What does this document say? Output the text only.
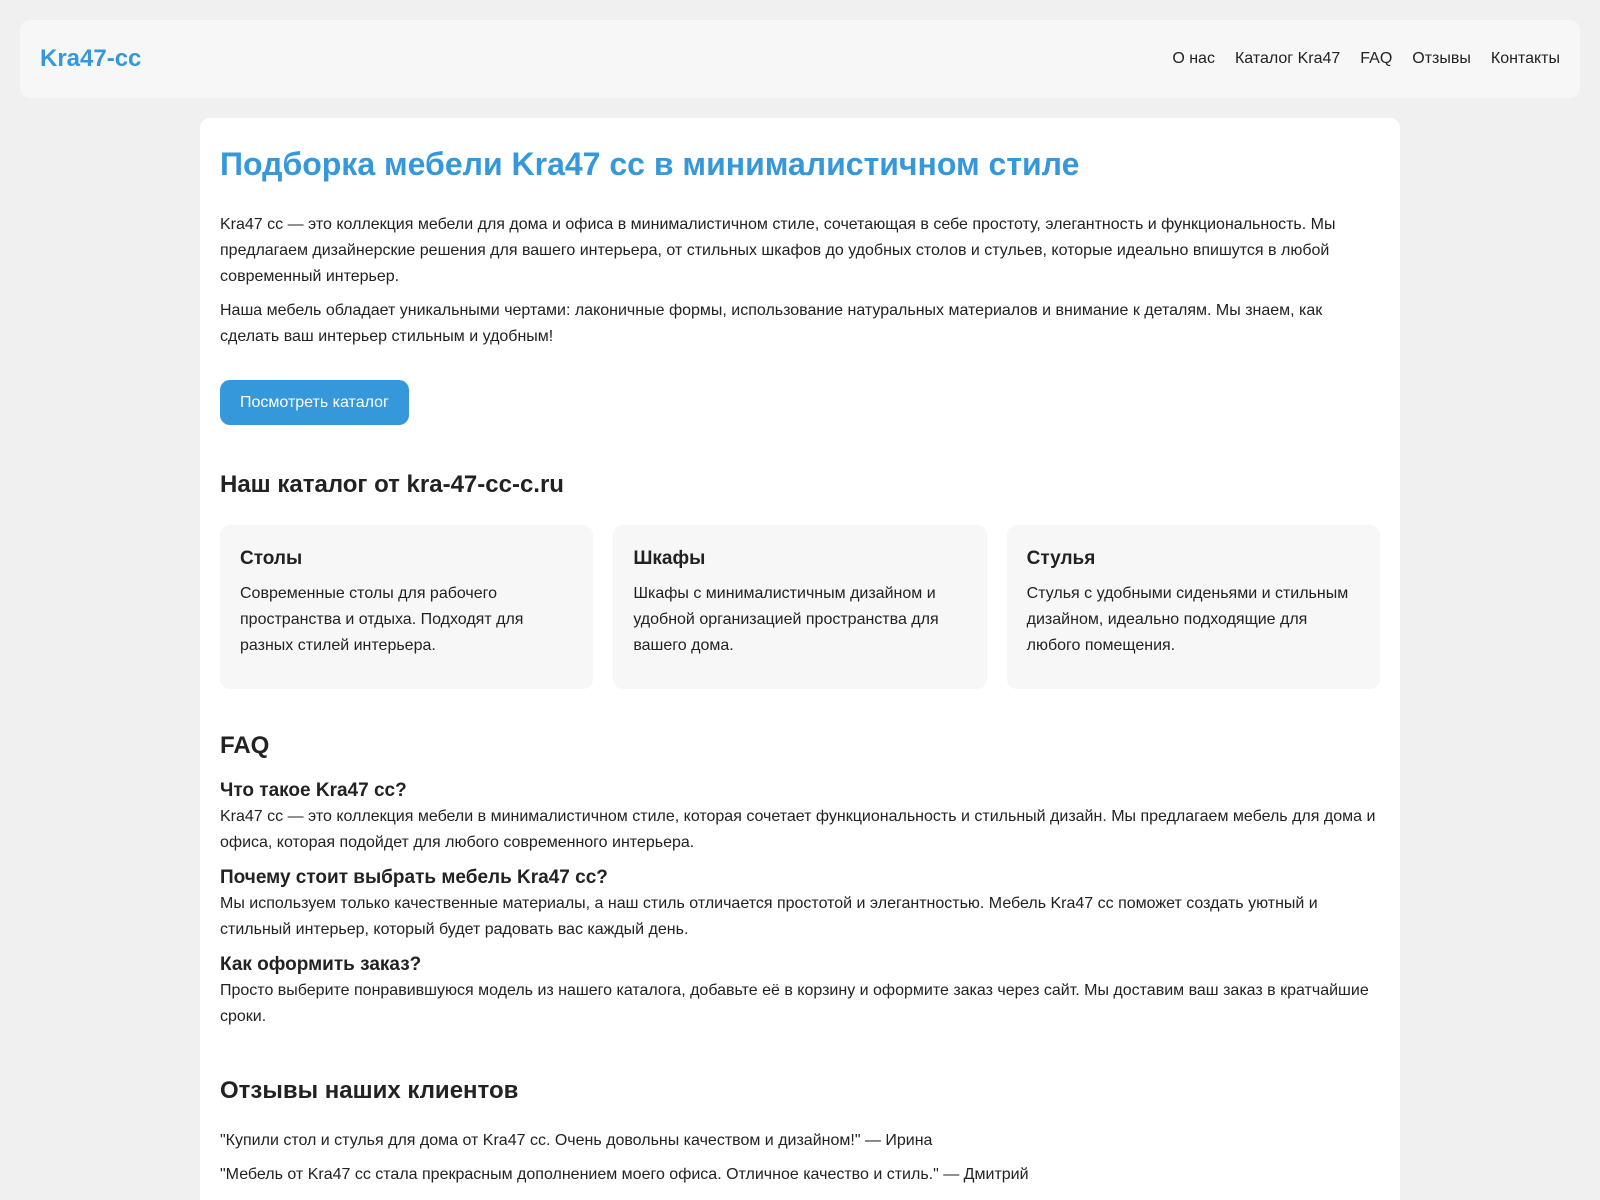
Kra47-cc	О нас Каталог Kra47 FAQ Отзывы Контакты
Подборка мебели Kra47 cc в минималистичном стиле

Kra47 cc — это коллекция мебели для дома и офиса в минималистичном стиле, сочетающая в себе простоту, элегантность и функциональность. Мы предлагаем дизайнерские решения для вашего интерьера, от стильных шкафов до удобных столов и стульев, которые идеально впишутся в любой современный интерьер.

Наша мебель обладает уникальными чертами: лаконичные формы, использование натуральных материалов и внимание к деталям. Мы знаем, как сделать ваш интерьер стильным и удобным!

Посмотреть каталог
Наш каталог от kra-47-cc-c.ru
Столы

Современные столы для рабочего пространства и отдыха. Подходят для разных стилей интерьера.

Шкафы

Шкафы с минималистичным дизайном и удобной организацией пространства для вашего дома.

Стулья

Стулья с удобными сиденьями и стильным дизайном, идеально подходящие для любого помещения.

FAQ
Что такое Kra47 cc?

Kra47 cc — это коллекция мебели в минималистичном стиле, которая сочетает функциональность и стильный дизайн. Мы предлагаем мебель для дома и офиса, которая подойдет для любого современного интерьера.

Почему стоит выбрать мебель Kra47 cc?

Мы используем только качественные материалы, а наш стиль отличается простотой и элегантностью. Мебель Kra47 cc поможет создать уютный и стильный интерьер, который будет радовать вас каждый день.

Как оформить заказ?

Просто выберите понравившуюся модель из нашего каталога, добавьте её в корзину и оформите заказ через сайт. Мы доставим ваш заказ в кратчайшие сроки.

Отзывы наших клиентов

"Купили стол и стулья для дома от Kra47 cc. Очень довольны качеством и дизайном!" — Ирина

"Мебель от Kra47 cc стала прекрасным дополнением моего офиса. Отличное качество и стиль." — Дмитрий
